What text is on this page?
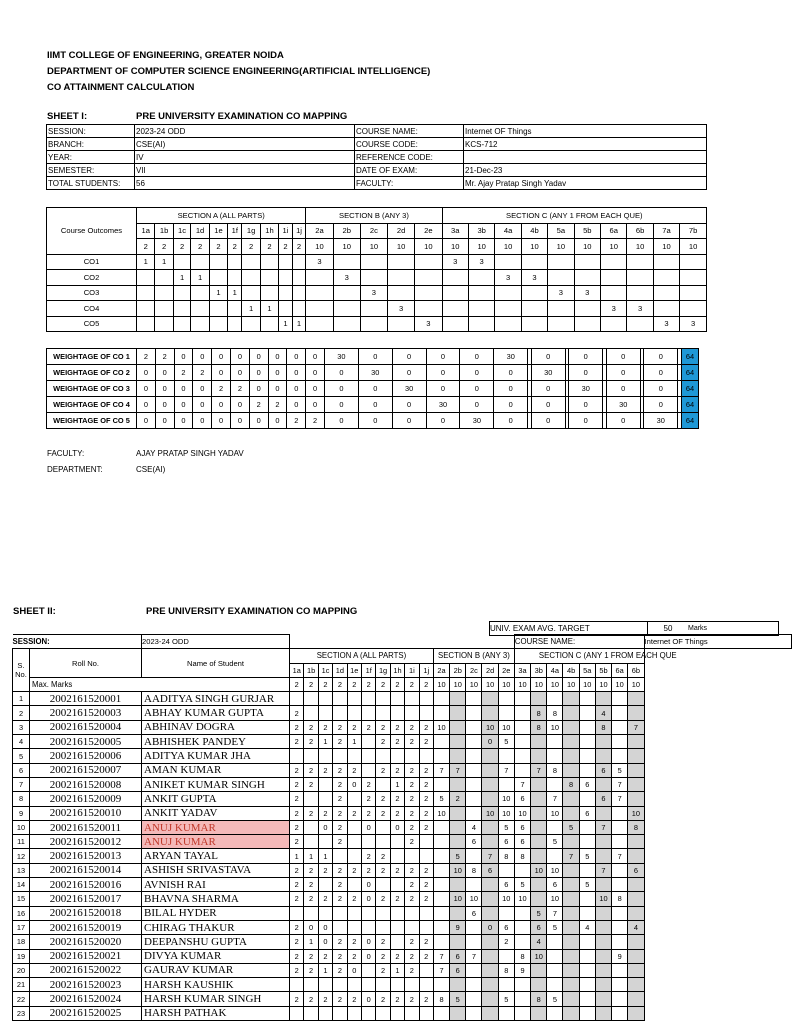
IIMT COLLEGE OF ENGINEERING, GREATER NOIDA
DEPARTMENT OF COMPUTER SCIENCE ENGINEERING(ARTIFICIAL INTELLIGENCE)
CO ATTAINMENT CALCULATION
SHEET I:	PRE UNIVERSITY EXAMINATION CO MAPPING
SESSION:	2023-24 ODD	COURSE NAME:	Internet OF Things
BRANCH:	CSE(AI)	COURSE CODE:	KCS-712
YEAR:	IV	REFERENCE CODE:	
SEMESTER:	VII	DATE OF EXAM:	21-Dec-23
TOTAL STUDENTS:	56	FACULTY:	Mr. Ajay Pratap Singh Yadav
Course Outcomes	SECTION A (ALL PARTS)										SECTION B (ANY 3)					SECTION C (ANY 1 FROM EACH QUE)									
	1a	1b	1c	1d	1e	1f	1g	1h	1i	1j	2a	2b	2c	2d	2e	3a	3b	4a	4b	5a	5b	6a	6b	7a	7b
	2	2	2	2	2	2	2	2	2	2	10	10	10	10	10	10	10	10	10	10	10	10	10	10	10
CO1	1	1									3					3	3								
CO2			1	1								3						3	3						
CO3					1	1							3							3	3				
CO4							1	1						3								3	3		
CO5									1	1					3									3	3
WEIGHTAGE OF CO 1	2	2	0	0	0	0	0	0	0	0	30	0	0	0	0	30		0		0		0		0		64
WEIGHTAGE OF CO 2	0	0	2	2	0	0	0	0	0	0	0	30	0	0	0	0		30		0		0		0		64
WEIGHTAGE OF CO 3	0	0	0	0	2	2	0	0	0	0	0	0	30	0	0	0		0		30		0		0		64
WEIGHTAGE OF CO 4	0	0	0	0	0	0	2	2	0	0	0	0	0	30	0	0		0		0		30		0		64
WEIGHTAGE OF CO 5	0	0	0	0	0	0	0	0	2	2	0	0	0	0	30	0		0		0		0		30		64
FACULTY:	AJAY PRATAP SINGH YADAV
DEPARTMENT:	CSE(AI)
SHEET II:	PRE UNIVERSITY EXAMINATION CO MAPPING
UNIV. EXAM AVG. TARGET	50	Marks
SESSION:		2023-24 ODD																COURSE NAME:								Internet OF Things
S. No.	Roll No.	Name of Student	SECTION A (ALL PARTS)										SECTION B (ANY 3)					SECTION C (ANY 1 FROM EACH QUE								
			1a	1b	1c	1d	1e	1f	1g	1h	1i	1j	2a	2b	2c	2d	2e	3a	3b	4a	4b	5a	5b	6a	6b	
	Max. Marks		2	2	2	2	2	2	2	2	2	2	10	10	10	10	10	10	10	10	10	10	10	10	10	
1	2002161520001	AADITYA SINGH GURJAR																								
2	2002161520003	ABHAY KUMAR GUPTA	2																8	8			4			
3	2002161520004	ABHINAV DOGRA	2	2	2	2	2	2	2	2	2	2	10			10	10		8	10			8		7	
4	2002161520005	ABHISHEK PANDEY	2	2	1	2	1		2	2	2	2				0	5									
5	2002161520006	ADITYA KUMAR JHA																								
6	2002161520007	AMAN KUMAR	2	2	2	2	2		2	2	2	2	7	7			7		7	8			6	5		
7	2002161520008	ANIKET KUMAR SINGH	2	2		2	0	2		1	2	2						7			8	6		7		
8	2002161520009	ANKIT GUPTA	2			2		2	2	2	2	2	5	2			10	6		7			6	7		
9	2002161520010	ANKIT YADAV	2	2	2	2	2	2	2	2	2	2	10			10	10	10		10		6			10	
10	2002161520011	ANUJ KUMAR	2		0	2		0		0	2	2			4		5	6			5		7		8	
11	2002161520012	ANUJ KUMAR	2			2					2				6		6	6		5						
12	2002161520013	ARYAN TAYAL	1	1	1			2	2					5		7	8	8			7	5		7		
13	2002161520014	ASHISH SRIVASTAVA	2	2	2	2	2	2	2	2	2	2		10	8	6			10	10			7		6	
14	2002161520016	AVNISH RAI	2	2		2		0			2	2					6	5		6		5				
15	2002161520017	BHAVNA SHARMA	2	2	2	2	2	0	2	2	2	2		10	10		10	10		10			10	8		
16	2002161520018	BILAL HYDER													6				5	7						
17	2002161520019	CHIRAG THAKUR	2	0	0									9		0	6		6	5		4			4	
18	2002161520020	DEEPANSHU GUPTA	2	1	0	2	2	0	2		2	2					2		4							
19	2002161520021	DIVYA KUMAR	2	2	2	2	2	0	2	2	2	2	7	6	7			8	10					9		
20	2002161520022	GAURAV KUMAR	2	2	1	2	0		2	1	2		7	6			8	9								
21	2002161520023	HARSH KAUSHIK																								
22	2002161520024	HARSH KUMAR SINGH	2	2	2	2	2	0	2	2	2	2	8	5			5		8	5						
23	2002161520025	HARSH PATHAK																								
